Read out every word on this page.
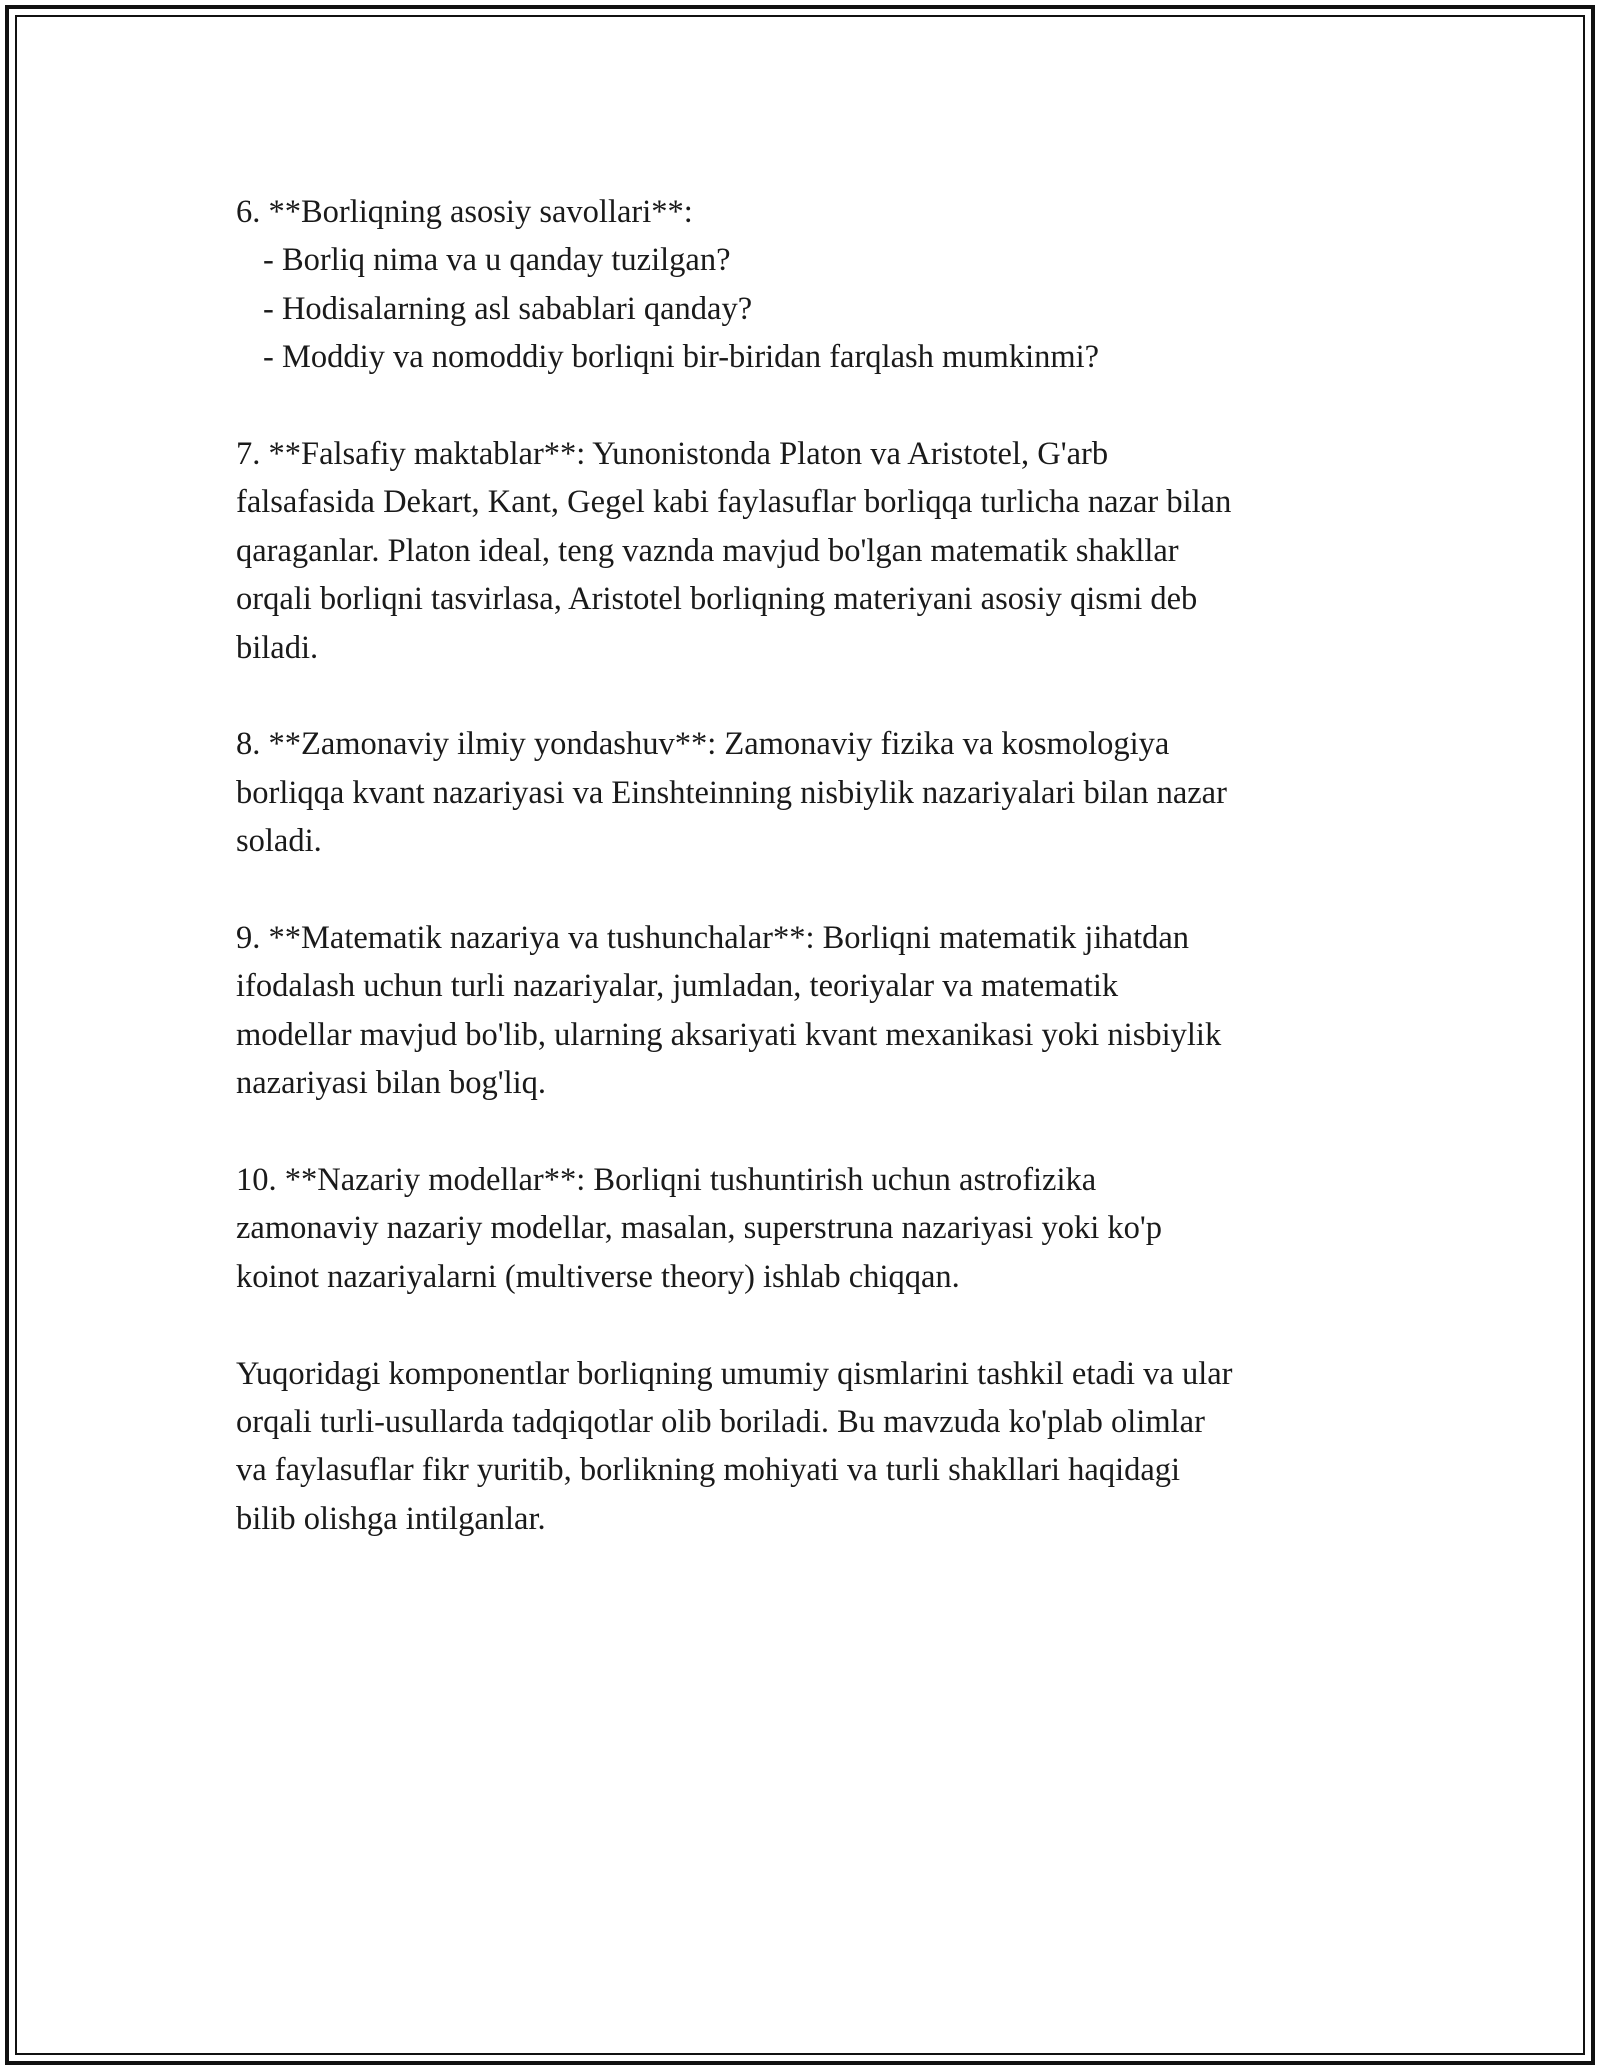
6. **Borliqning asosiy savollari**:

- Borliq nima va u qanday tuzilgan?

- Hodisalarning asl sabablari qanday?

- Moddiy va nomoddiy borliqni bir-biridan farqlash mumkinmi?

7. **Falsafiy maktablar**: Yunonistonda Platon va Aristotel, G'arb

falsafasida Dekart, Kant, Gegel kabi faylasuflar borliqqa turlicha nazar bilan

qaraganlar. Platon ideal, teng vaznda mavjud bo'lgan matematik shakllar

orqali borliqni tasvirlasa, Aristotel borliqning materiyani asosiy qismi deb

biladi.

8. **Zamonaviy ilmiy yondashuv**: Zamonaviy fizika va kosmologiya

borliqqa kvant nazariyasi va Einshteinning nisbiylik nazariyalari bilan nazar

soladi.

9. **Matematik nazariya va tushunchalar**: Borliqni matematik jihatdan

ifodalash uchun turli nazariyalar, jumladan, teoriyalar va matematik

modellar mavjud bo'lib, ularning aksariyati kvant mexanikasi yoki nisbiylik

nazariyasi bilan bog'liq.

10. **Nazariy modellar**: Borliqni tushuntirish uchun astrofizika

zamonaviy nazariy modellar, masalan, superstruna nazariyasi yoki ko'p

koinot nazariyalarni (multiverse theory) ishlab chiqqan.

Yuqoridagi komponentlar borliqning umumiy qismlarini tashkil etadi va ular

orqali turli-usullarda tadqiqotlar olib boriladi. Bu mavzuda ko'plab olimlar

va faylasuflar fikr yuritib, borlikning mohiyati va turli shakllari haqidagi

bilib olishga intilganlar.
